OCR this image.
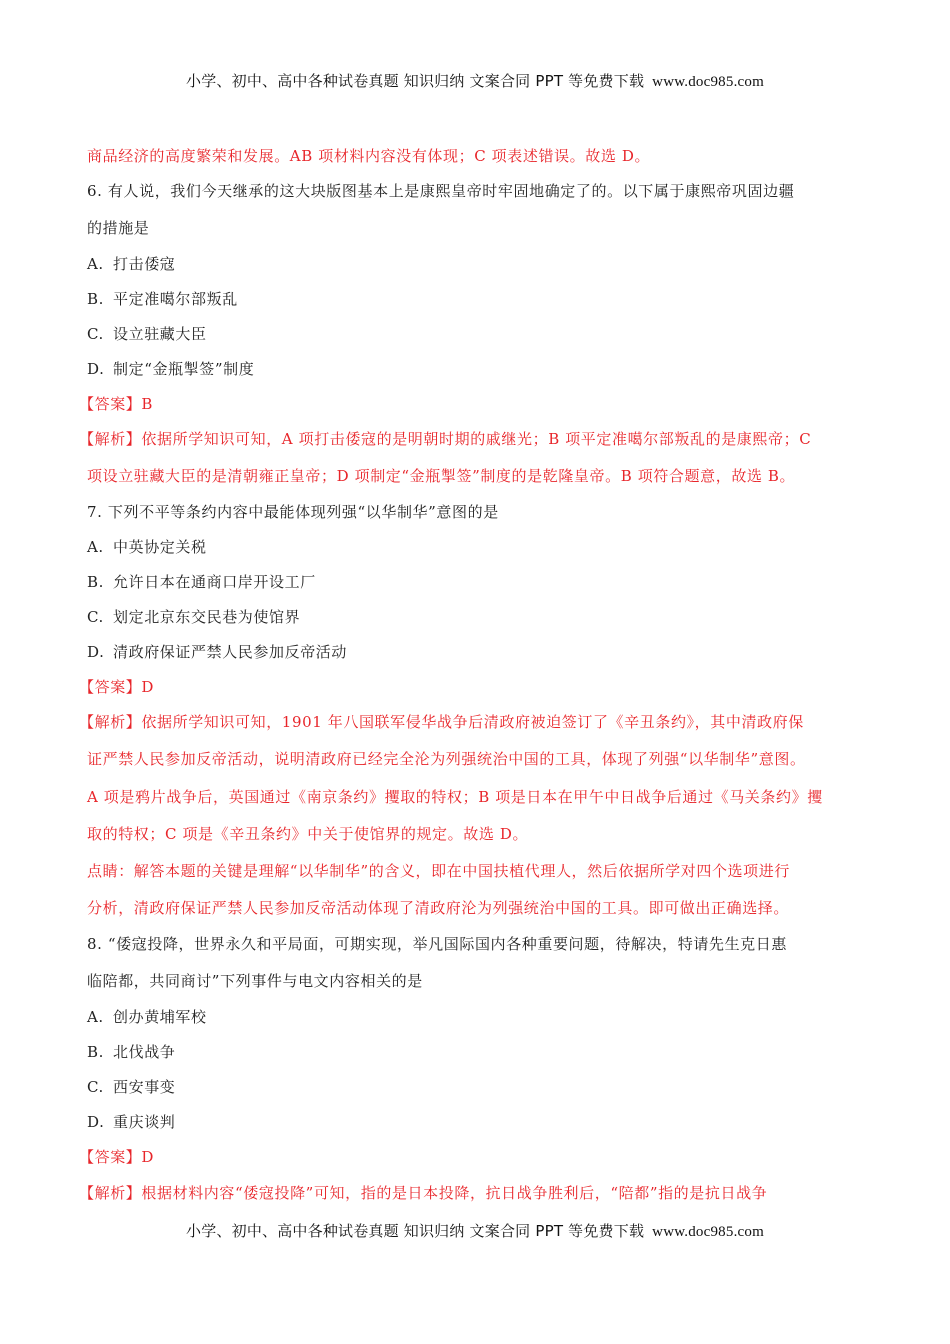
小学、初中、高中各种试卷真题 知识归纳 文案合同 PPT 等免费下载 www.doc985.com
商品经济的高度繁荣和发展。AB 项材料内容没有体现；C 项表述错误。故选 D。
6. 有人说，我们今天继承的这大块版图基本上是康熙皇帝时牢固地确定了的。以下属于康熙帝巩固边疆
的措施是
A. 打击倭寇
B. 平定准噶尔部叛乱
C. 设立驻藏大臣
D. 制定“金瓶掣签”制度
【答案】B
【解析】依据所学知识可知，A 项打击倭寇的是明朝时期的戚继光；B 项平定准噶尔部叛乱的是康熙帝；C
项设立驻藏大臣的是清朝雍正皇帝；D 项制定“金瓶掣签”制度的是乾隆皇帝。B 项符合题意，故选 B。
7. 下列不平等条约内容中最能体现列强“以华制华”意图的是
A. 中英协定关税
B. 允许日本在通商口岸开设工厂
C. 划定北京东交民巷为使馆界
D. 清政府保证严禁人民参加反帝活动
【答案】D
【解析】依据所学知识可知，1901 年八国联军侵华战争后清政府被迫签订了《辛丑条约》，其中清政府保
证严禁人民参加反帝活动，说明清政府已经完全沦为列强统治中国的工具，体现了列强“以华制华”意图。
A 项是鸦片战争后，英国通过《南京条约》攫取的特权；B 项是日本在甲午中日战争后通过《马关条约》攫
取的特权；C 项是《辛丑条约》中关于使馆界的规定。故选 D。
点睛：解答本题的关键是理解“以华制华”的含义，即在中国扶植代理人，然后依据所学对四个选项进行
分析，清政府保证严禁人民参加反帝活动体现了清政府沦为列强统治中国的工具。即可做出正确选择。
8. “倭寇投降，世界永久和平局面，可期实现，举凡国际国内各种重要问题，待解决，特请先生克日惠
临陪都，共同商讨”下列事件与电文内容相关的是
A. 创办黄埔军校
B. 北伐战争
C. 西安事变
D. 重庆谈判
【答案】D
【解析】根据材料内容“倭寇投降”可知，指的是日本投降，抗日战争胜利后，“陪都”指的是抗日战争
小学、初中、高中各种试卷真题 知识归纳 文案合同 PPT 等免费下载 www.doc985.com
